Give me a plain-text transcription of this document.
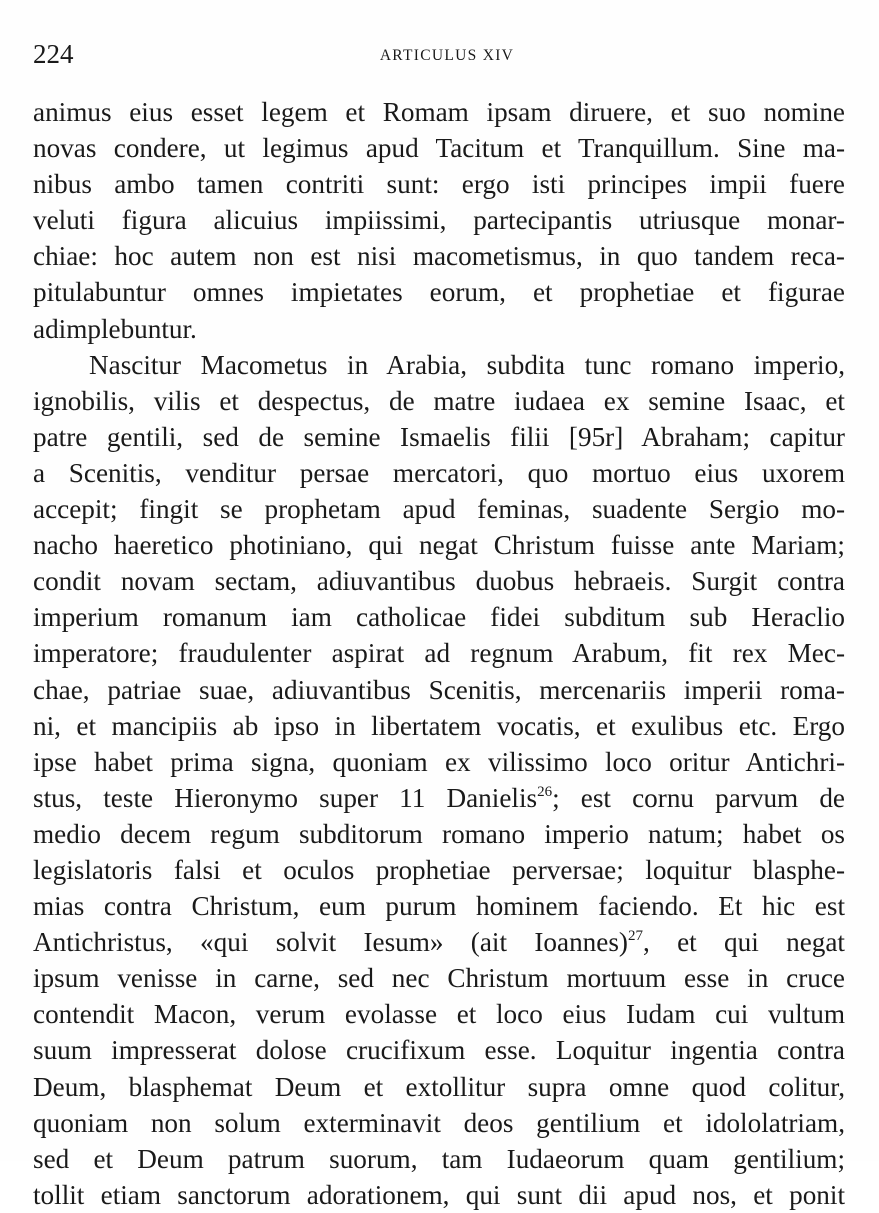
224	ARTICULUS XIV
animus eius esset legem et Romam ipsam diruere, et suo nomine
novas condere, ut legimus apud Tacitum et Tranquillum. Sine ma-
nibus ambo tamen contriti sunt: ergo isti principes impii fuere
veluti figura alicuius impiissimi, partecipantis utriusque monar-
chiae: hoc autem non est nisi macometismus, in quo tandem reca-
pitulabuntur omnes impietates eorum, et prophetiae et figurae
adimplebuntur.
Nascitur Macometus in Arabia, subdita tunc romano imperio,
ignobilis, vilis et despectus, de matre iudaea ex semine Isaac, et
patre gentili, sed de semine Ismaelis filii [95r] Abraham; capitur
a Scenitis, venditur persae mercatori, quo mortuo eius uxorem
accepit; fingit se prophetam apud feminas, suadente Sergio mo-
nacho haeretico photiniano, qui negat Christum fuisse ante Mariam;
condit novam sectam, adiuvantibus duobus hebraeis. Surgit contra
imperium romanum iam catholicae fidei subditum sub Heraclio
imperatore; fraudulenter aspirat ad regnum Arabum, fit rex Mec-
chae, patriae suae, adiuvantibus Scenitis, mercenariis imperii roma-
ni, et mancipiis ab ipso in libertatem vocatis, et exulibus etc. Ergo
ipse habet prima signa, quoniam ex vilissimo loco oritur Antichri-
stus, teste Hieronymo super 11 Danielis$^{26}$; est cornu parvum de
medio decem regum subditorum romano imperio natum; habet os
legislatoris falsi et oculos prophetiae perversae; loquitur blasphe-
mias contra Christum, eum purum hominem faciendo. Et hic est
Antichristus, «qui solvit Iesum» (ait Ioannes)$^{27}$, et qui negat
ipsum venisse in carne, sed nec Christum mortuum esse in cruce
contendit Macon, verum evolasse et loco eius Iudam cui vultum
suum impresserat dolose crucifixum esse. Loquitur ingentia contra
Deum, blasphemat Deum et extollitur supra omne quod colitur,
quoniam non solum exterminavit deos gentilium et idololatriam,
sed et Deum patrum suorum, tam Iudaeorum quam gentilium;
tollit etiam sanctorum adorationem, qui sunt dii apud nos, et ponit
